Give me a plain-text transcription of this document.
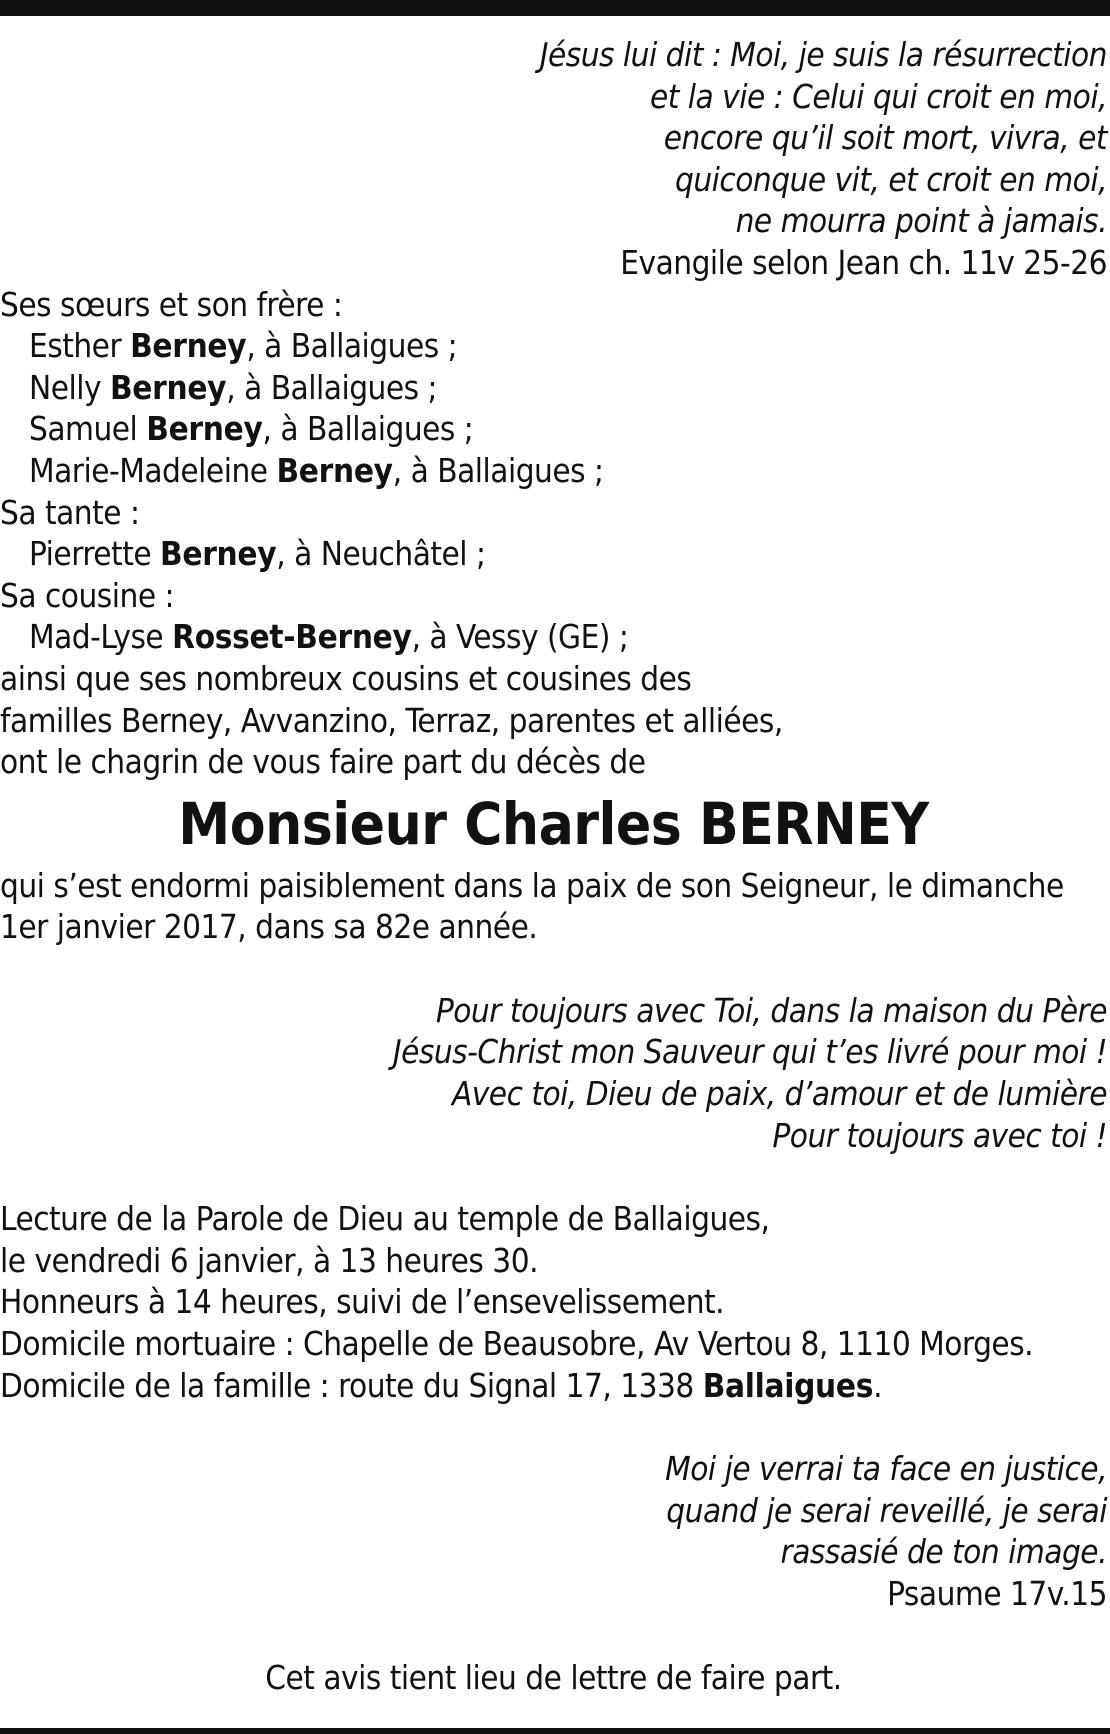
Jésus lui dit : Moi, je suis la résurrection
et la vie : Celui qui croit en moi,
encore qu’il soit mort, vivra, et
quiconque vit, et croit en moi,
ne mourra point à jamais.
Evangile selon Jean ch. 11v 25-26
Ses sœurs et son frère :
Esther Berney, à Ballaigues ;
Nelly Berney, à Ballaigues ;
Samuel Berney, à Ballaigues ;
Marie-Madeleine Berney, à Ballaigues ;
Sa tante :
Pierrette Berney, à Neuchâtel ;
Sa cousine :
Mad-Lyse Rosset-Berney, à Vessy (GE) ;
ainsi que ses nombreux cousins et cousines des
familles Berney, Avvanzino, Terraz, parentes et alliées,
ont le chagrin de vous faire part du décès de
Monsieur Charles BERNEY
qui s’est endormi paisiblement dans la paix de son Seigneur, le dimanche
1er janvier 2017, dans sa 82e année.
Pour toujours avec Toi, dans la maison du Père
Jésus-Christ mon Sauveur qui t’es livré pour moi !
Avec toi, Dieu de paix, d’amour et de lumière
Pour toujours avec toi !
Lecture de la Parole de Dieu au temple de Ballaigues,
le vendredi 6 janvier, à 13 heures 30.
Honneurs à 14 heures, suivi de l’ensevelissement.
Domicile mortuaire : Chapelle de Beausobre, Av Vertou 8, 1110 Morges.
Domicile de la famille : route du Signal 17, 1338 Ballaigues.
Moi je verrai ta face en justice,
quand je serai reveillé, je serai
rassasié de ton image.
Psaume 17v.15
Cet avis tient lieu de lettre de faire part.
